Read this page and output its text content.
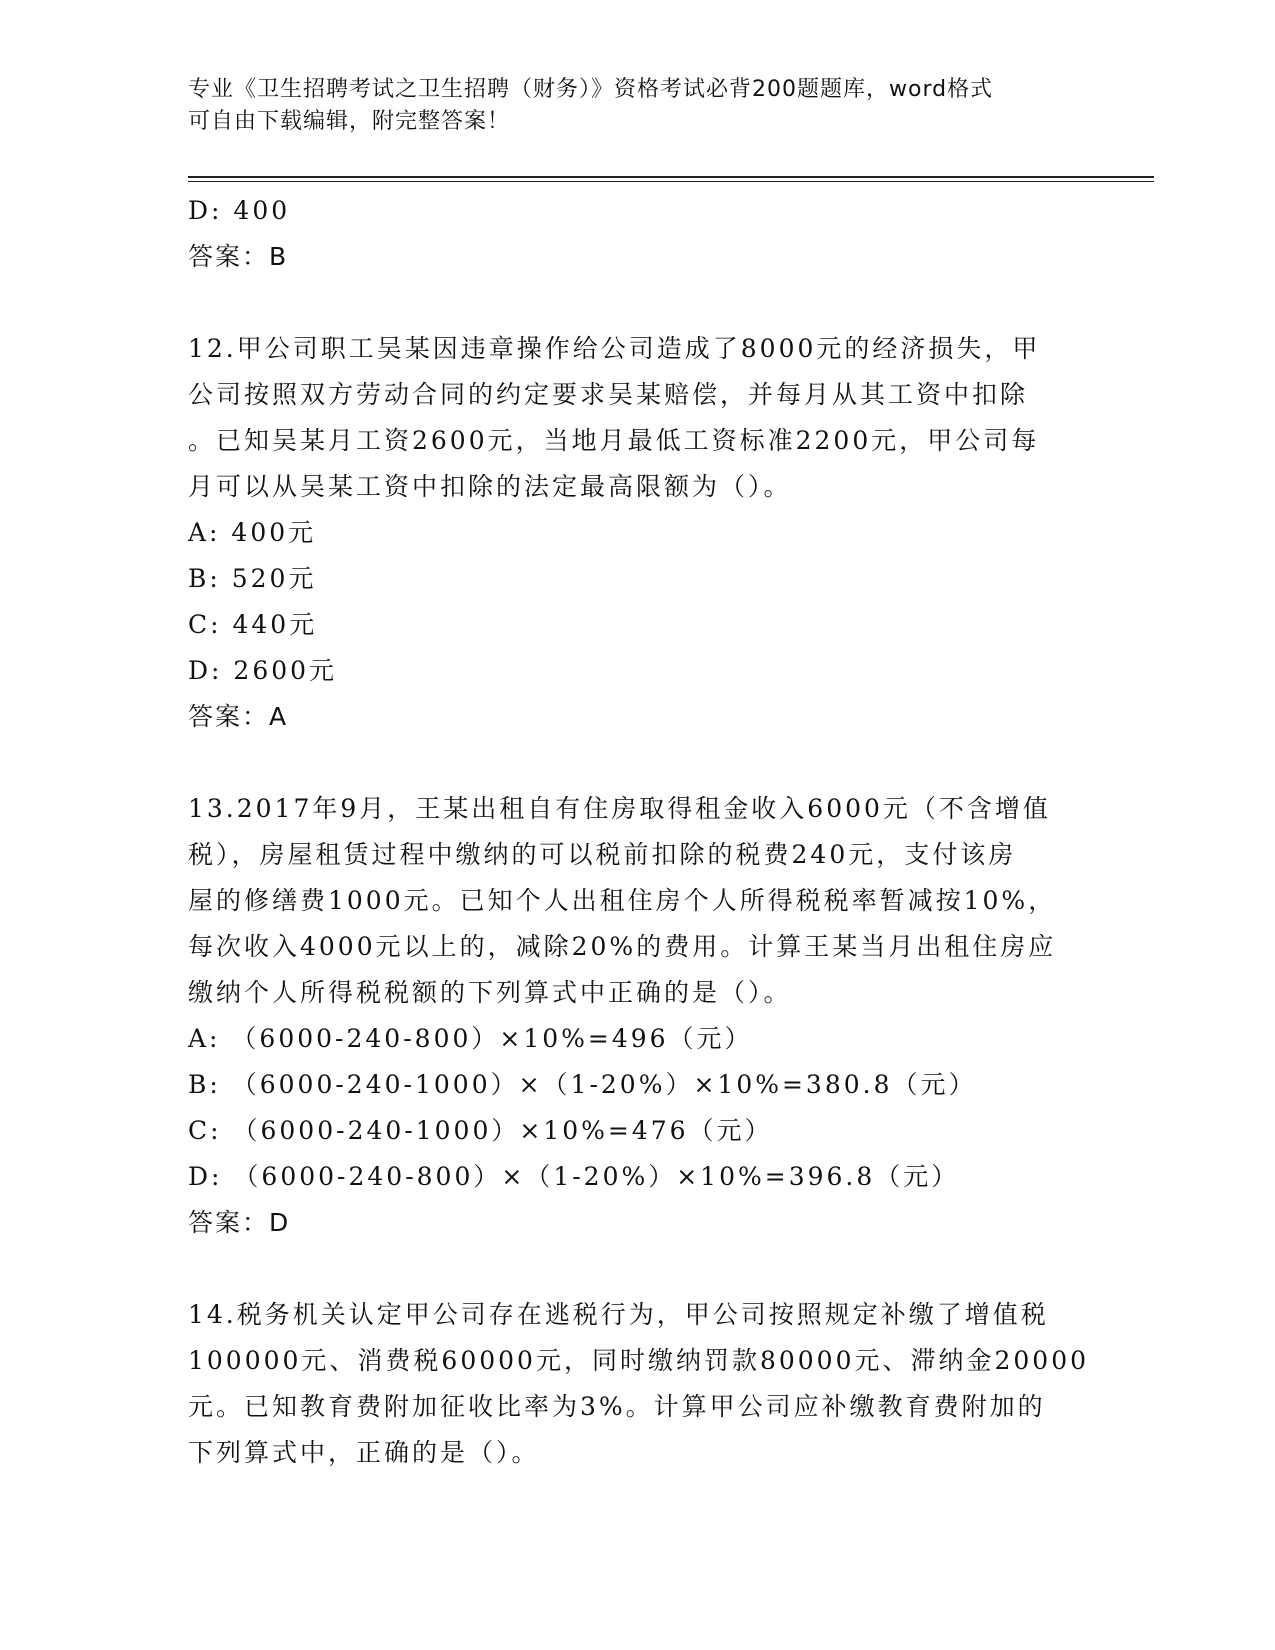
专业《卫生招聘考试之卫生招聘（财务）》资格考试必背200题题库，word格式
可自由下载编辑，附完整答案！
D: 400
答案：B
12.甲公司职工吴某因违章操作给公司造成了8000元的经济损失，甲
公司按照双方劳动合同的约定要求吴某赔偿，并每月从其工资中扣除
。已知吴某月工资2600元，当地月最低工资标准2200元，甲公司每
月可以从吴某工资中扣除的法定最高限额为（）。
A: 400元
B: 520元
C: 440元
D: 2600元
答案：A
13.2017年9月，王某出租自有住房取得租金收入6000元（不含增值
税），房屋租赁过程中缴纳的可以税前扣除的税费240元，支付该房
屋的修缮费1000元。已知个人出租住房个人所得税税率暂减按10%，
每次收入4000元以上的，减除20%的费用。计算王某当月出租住房应
缴纳个人所得税税额的下列算式中正确的是（）。
A: （6000-240-800）×10%=496（元）
B: （6000-240-1000）×（1-20%）×10%=380.8（元）
C: （6000-240-1000）×10%=476（元）
D: （6000-240-800）×（1-20%）×10%=396.8（元）
答案：D
14.税务机关认定甲公司存在逃税行为，甲公司按照规定补缴了增值税
100000元、消费税60000元，同时缴纳罚款80000元、滞纳金20000
元。已知教育费附加征收比率为3%。计算甲公司应补缴教育费附加的
下列算式中，正确的是（）。
